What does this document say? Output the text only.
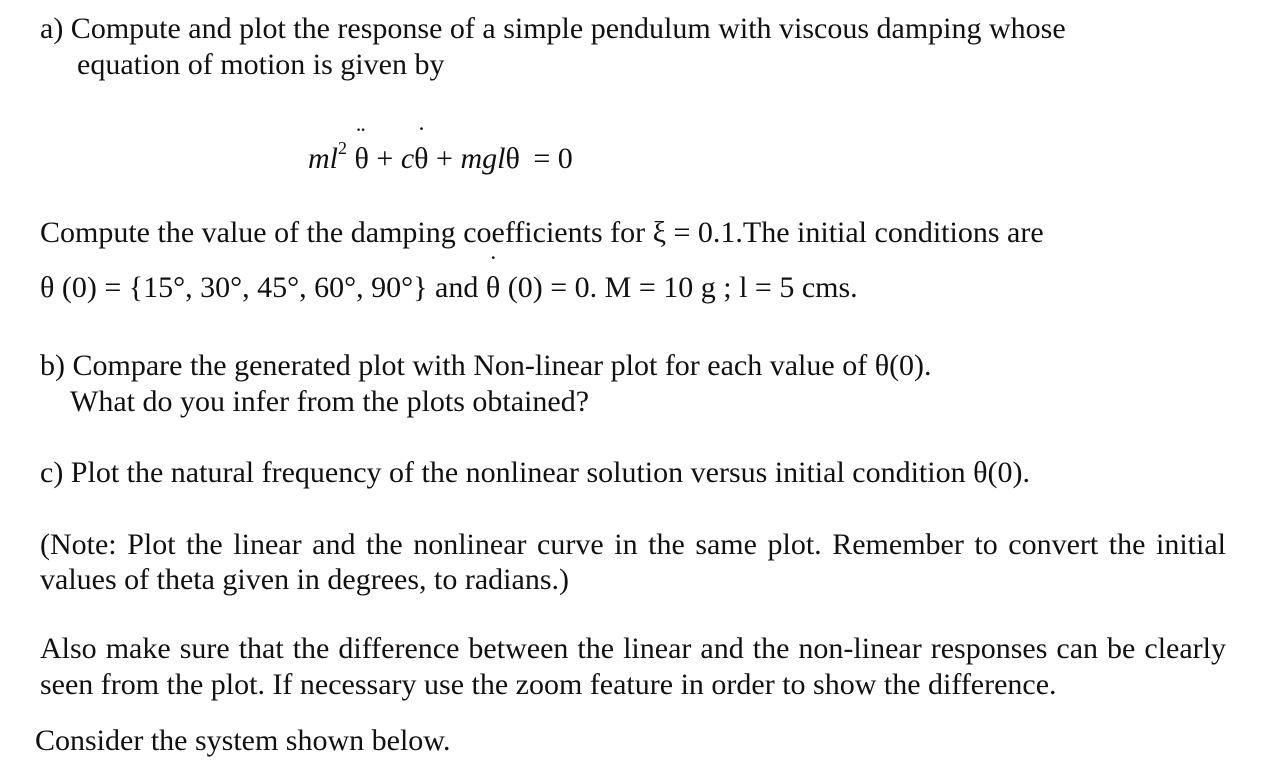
a) Compute and plot the response of a simple pendulum with viscous damping whose
equation of motion is given by
$ml^2$ ¨ θ + c˙ θ + mglθ = 0
Compute the value of the damping coefficients for ξ = 0.1.The initial conditions are
θ (0) = {15°, 30°, 45°, 60°, 90°} and ˙ θ (0) = 0. M = 10 g ; l = 5 cms.
b) Compare the generated plot with Non-linear plot for each value of θ(0).
What do you infer from the plots obtained?
c) Plot the natural frequency of the nonlinear solution versus initial condition θ(0).
(Note: Plot the linear and the nonlinear curve in the same plot. Remember to convert the initial
values of theta given in degrees, to radians.)
Also make sure that the difference between the linear and the non-linear responses can be clearly
seen from the plot. If necessary use the zoom feature in order to show the difference.
Consider the system shown below.
